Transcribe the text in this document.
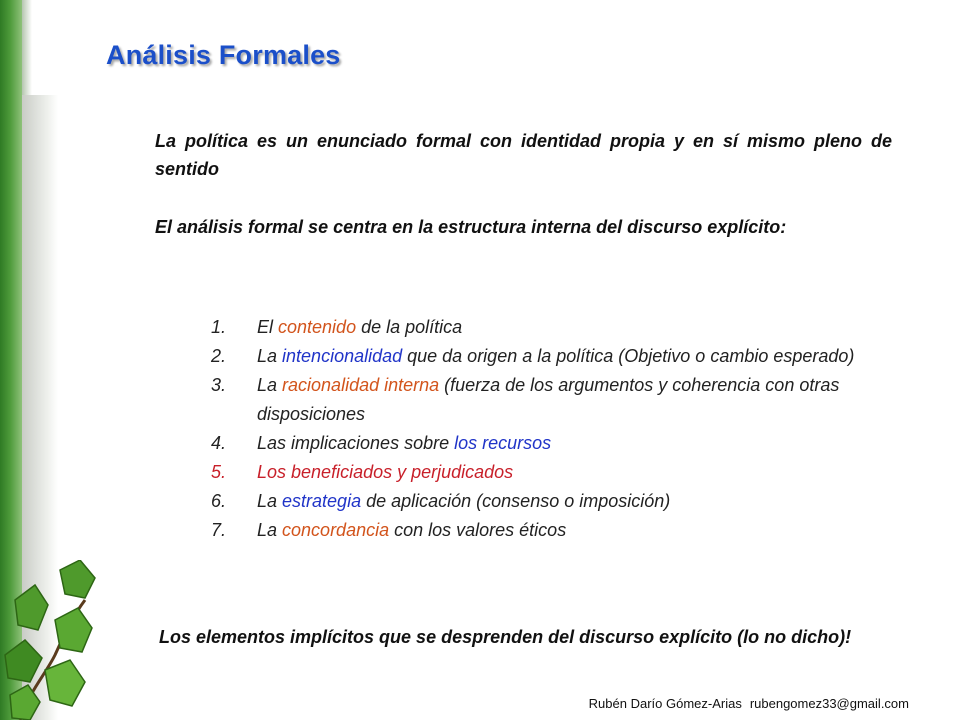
Análisis Formales

La política es un enunciado formal con identidad propia y en sí mismo pleno de sentido

El análisis formal se centra en la estructura interna del discurso explícito:

1. El contenido de la política
2. La intencionalidad que da origen a la política (Objetivo o cambio esperado)
3. La racionalidad interna (fuerza de los argumentos y coherencia con otras disposiciones
4. Las implicaciones sobre los recursos
5. Los beneficiados y perjudicados
6. La estrategia de aplicación (consenso o imposición)
7. La concordancia con los valores éticos

Los elementos implícitos que se desprenden del discurso explícito (lo no dicho)!

Rubén Darío Gómez-Arias rubengomez33@gmail.com
